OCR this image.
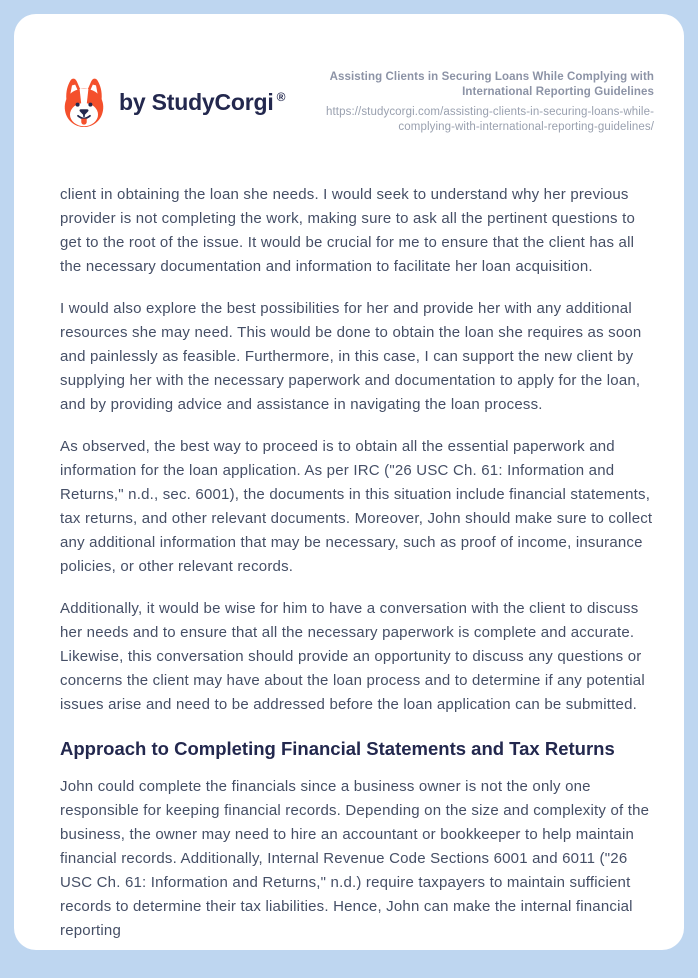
by StudyCorgi ®
Assisting Clients in Securing Loans While Complying with International Reporting Guidelines
https://studycorgi.com/assisting-clients-in-securing-loans-while-complying-with-international-reporting-guidelines/

client in obtaining the loan she needs. I would seek to understand why her previous provider is not completing the work, making sure to ask all the pertinent questions to get to the root of the issue. It would be crucial for me to ensure that the client has all the necessary documentation and information to facilitate her loan acquisition.

I would also explore the best possibilities for her and provide her with any additional resources she may need. This would be done to obtain the loan she requires as soon and painlessly as feasible. Furthermore, in this case, I can support the new client by supplying her with the necessary paperwork and documentation to apply for the loan, and by providing advice and assistance in navigating the loan process.

As observed, the best way to proceed is to obtain all the essential paperwork and information for the loan application. As per IRC ("26 USC Ch. 61: Information and Returns," n.d., sec. 6001), the documents in this situation include financial statements, tax returns, and other relevant documents. Moreover, John should make sure to collect any additional information that may be necessary, such as proof of income, insurance policies, or other relevant records.

Additionally, it would be wise for him to have a conversation with the client to discuss her needs and to ensure that all the necessary paperwork is complete and accurate. Likewise, this conversation should provide an opportunity to discuss any questions or concerns the client may have about the loan process and to determine if any potential issues arise and need to be addressed before the loan application can be submitted.

Approach to Completing Financial Statements and Tax Returns

John could complete the financials since a business owner is not the only one responsible for keeping financial records. Depending on the size and complexity of the business, the owner may need to hire an accountant or bookkeeper to help maintain financial records. Additionally, Internal Revenue Code Sections 6001 and 6011 ("26 USC Ch. 61: Information and Returns," n.d.) require taxpayers to maintain sufficient records to determine their tax liabilities. Hence, John can make the internal financial reporting
